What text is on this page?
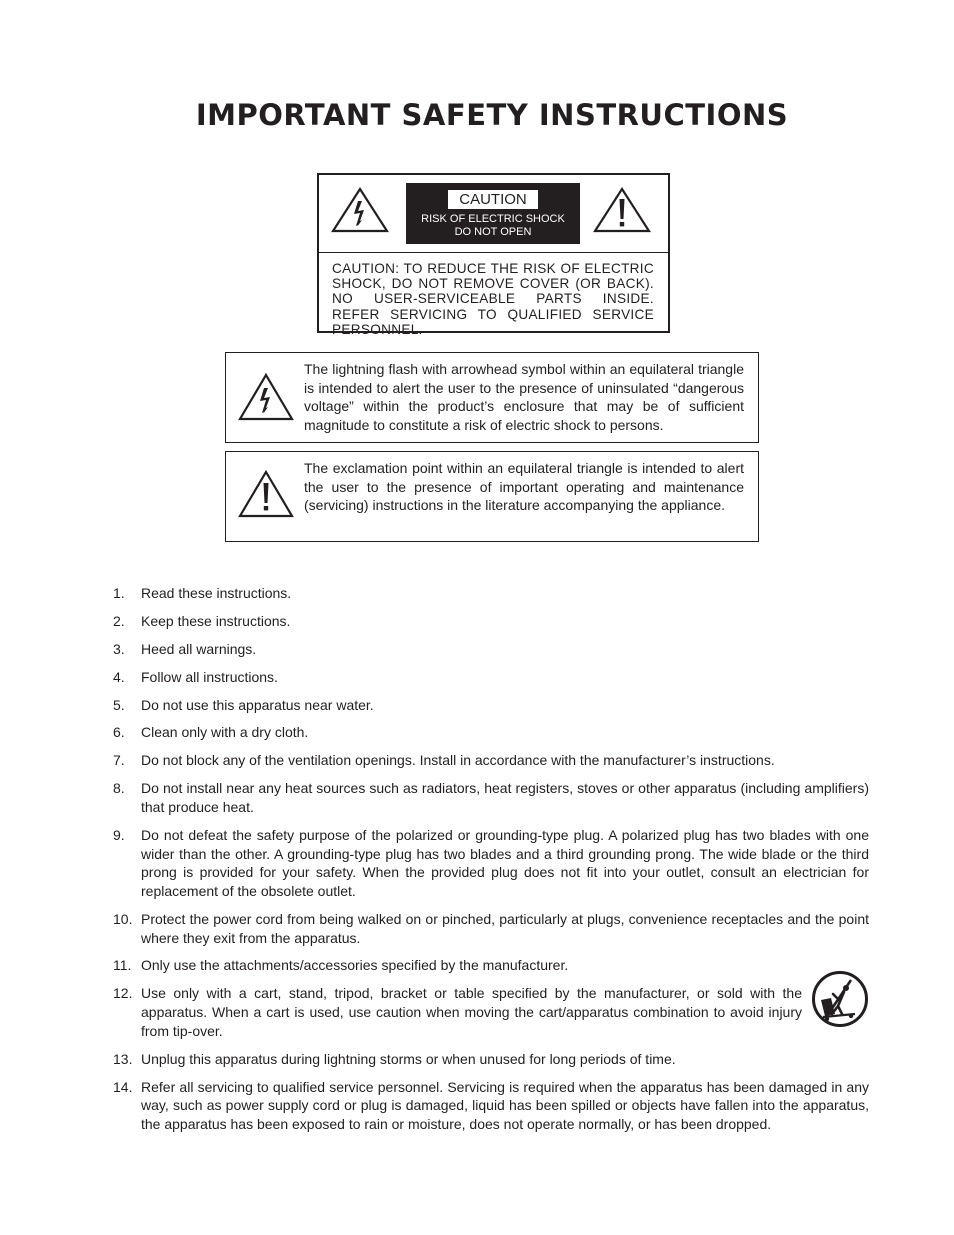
IMPORTANT SAFETY INSTRUCTIONS
CAUTION
RISK OF ELECTRIC SHOCK
DO NOT OPEN
CAUTION: TO REDUCE THE RISK OF ELECTRIC SHOCK, DO NOT REMOVE COVER (OR BACK). NO USER-SERVICEABLE PARTS INSIDE. REFER SERVICING TO QUALIFIED SERVICE PERSONNEL.
The lightning flash with arrowhead symbol within an equilateral triangle is intended to alert the user to the presence of uninsulated “dangerous voltage” within the product’s enclosure that may be of sufficient magnitude to constitute a risk of electric shock to persons.
The exclamation point within an equilateral triangle is intended to alert the user to the presence of important operating and maintenance (servicing) instructions in the literature accompanying the appliance.
1. Read these instructions.
2. Keep these instructions.
3. Heed all warnings.
4. Follow all instructions.
5. Do not use this apparatus near water.
6. Clean only with a dry cloth.
7. Do not block any of the ventilation openings. Install in accordance with the manufacturer’s instructions.
8. Do not install near any heat sources such as radiators, heat registers, stoves or other apparatus (including amplifiers) that produce heat.
9. Do not defeat the safety purpose of the polarized or grounding-type plug. A polarized plug has two blades with one wider than the other. A grounding-type plug has two blades and a third grounding prong. The wide blade or the third prong is provided for your safety. When the provided plug does not fit into your outlet, consult an electrician for replacement of the obsolete outlet.
10. Protect the power cord from being walked on or pinched, particularly at plugs, convenience receptacles and the point where they exit from the apparatus.
11. Only use the attachments/accessories specified by the manufacturer.
12. Use only with a cart, stand, tripod, bracket or table specified by the manufacturer, or sold with the apparatus. When a cart is used, use caution when moving the cart/apparatus combination to avoid injury from tip-over.
13. Unplug this apparatus during lightning storms or when unused for long periods of time.
14. Refer all servicing to qualified service personnel. Servicing is required when the apparatus has been damaged in any way, such as power supply cord or plug is damaged, liquid has been spilled or objects have fallen into the apparatus, the apparatus has been exposed to rain or moisture, does not operate normally, or has been dropped.
